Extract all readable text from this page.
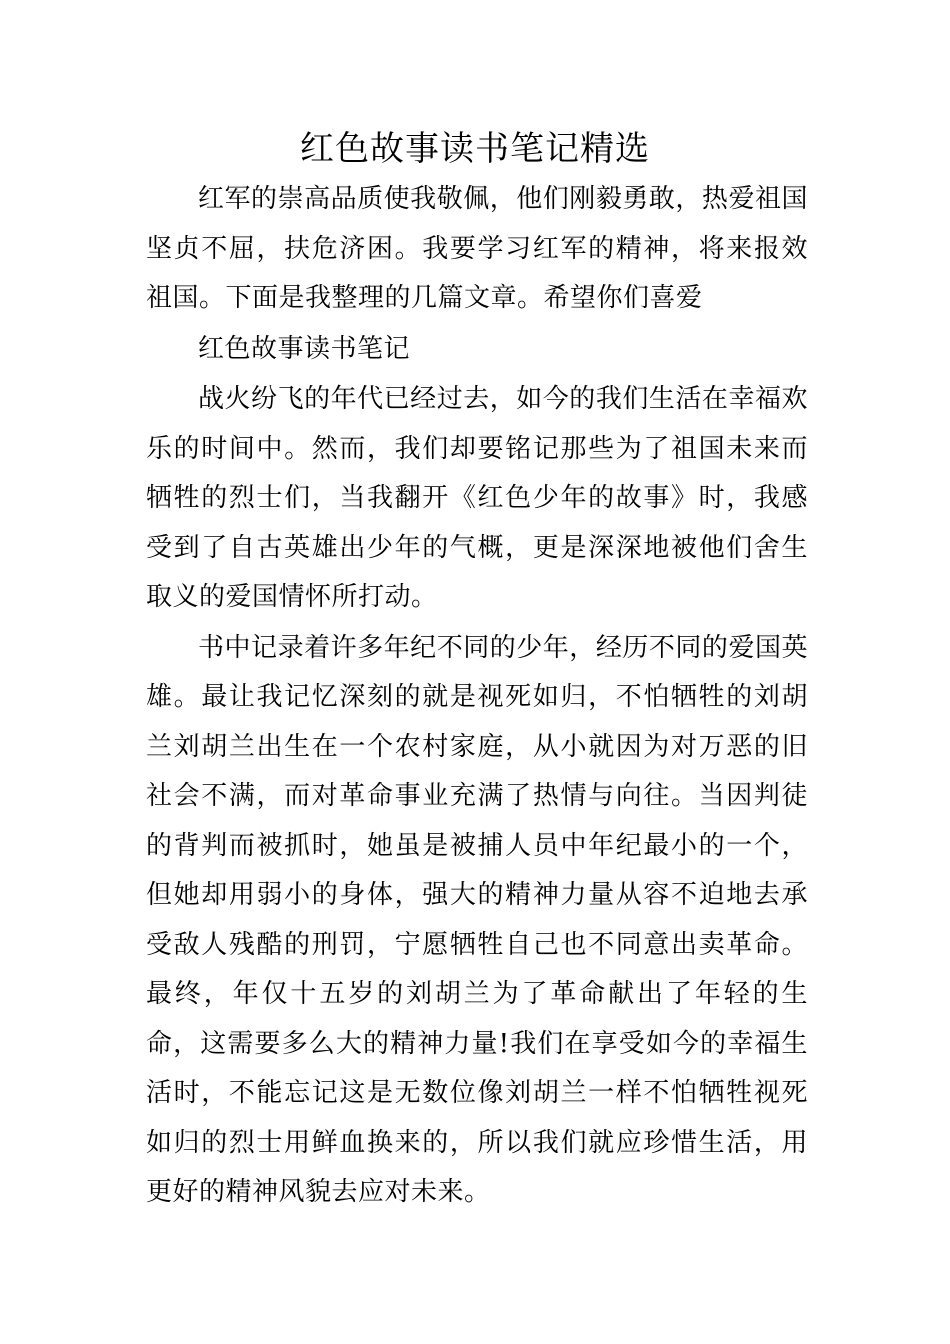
红色故事读书笔记精选

红军的崇高品质使我敬佩，他们刚毅勇敢，热爱祖国坚贞不屈，扶危济困。我要学习红军的精神，将来报效祖国。下面是我整理的几篇文章。希望你们喜爱

红色故事读书笔记

战火纷飞的年代已经过去，如今的我们生活在幸福欢乐的时间中。然而，我们却要铭记那些为了祖国未来而牺牲的烈士们，当我翻开《红色少年的故事》时，我感受到了自古英雄出少年的气概，更是深深地被他们舍生取义的爱国情怀所打动。

书中记录着许多年纪不同的少年，经历不同的爱国英雄。最让我记忆深刻的就是视死如归，不怕牺牲的刘胡兰刘胡兰出生在一个农村家庭，从小就因为对万恶的旧社会不满，而对革命事业充满了热情与向往。当因判徒的背判而被抓时，她虽是被捕人员中年纪最小的一个，但她却用弱小的身体，强大的精神力量从容不迫地去承受敌人残酷的刑罚，宁愿牺牲自己也不同意出卖革命。最终，年仅十五岁的刘胡兰为了革命献出了年轻的生命，这需要多么大的精神力量!我们在享受如今的幸福生活时，不能忘记这是无数位像刘胡兰一样不怕牺牲视死如归的烈士用鲜血换来的，所以我们就应珍惜生活，用更好的精神风貌去应对未来。
